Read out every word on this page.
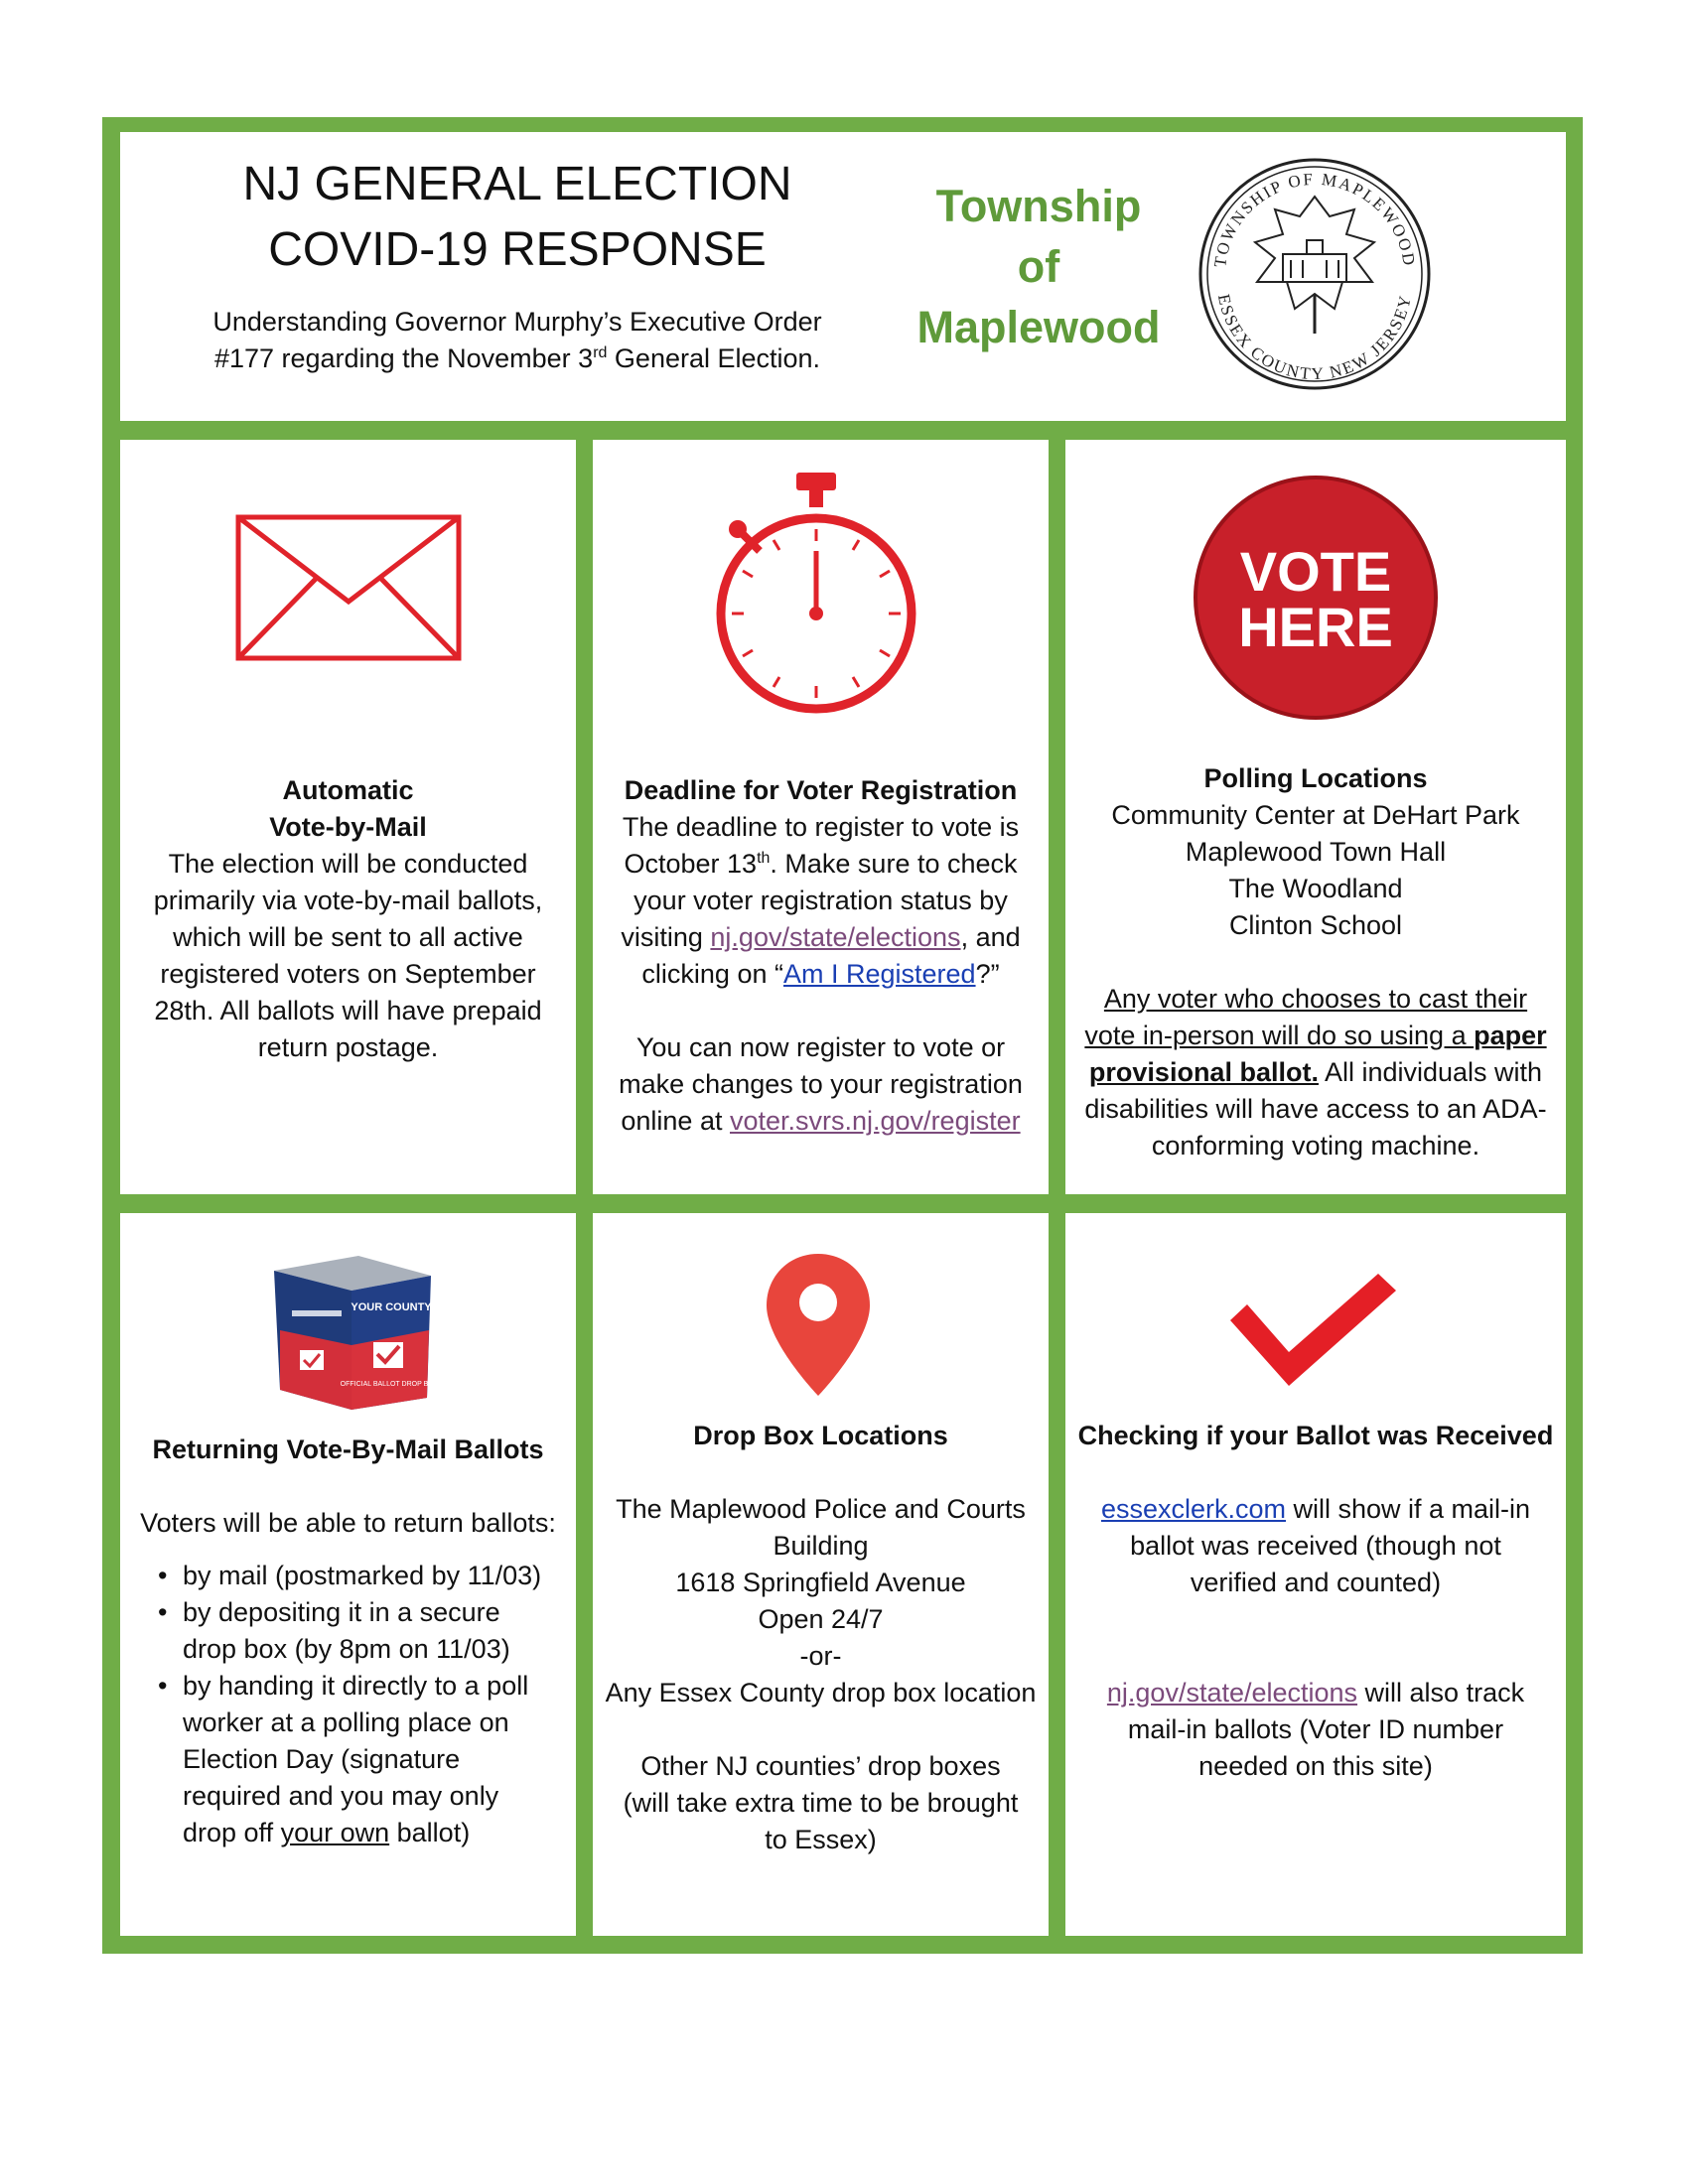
NJ GENERAL ELECTION
COVID-19 RESPONSE
Understanding Governor Murphy’s Executive Order
#177 regarding the November 3rd General Election.
Township
of
Maplewood
TOWNSHIP OF MAPLEWOOD
ESSEX COUNTY NEW JERSEY
Automatic
Vote-by-Mail
The election will be conducted
primarily via vote-by-mail ballots,
which will be sent to all active
registered voters on September
28th. All ballots will have prepaid
return postage.
Deadline for Voter Registration
The deadline to register to vote is
October 13th. Make sure to check
your voter registration status by
visiting nj.gov/state/elections, and
clicking on “Am I Registered?”
You can now register to vote or
make changes to your registration
online at voter.svrs.nj.gov/register
VOTE
HERE
Polling Locations
Community Center at DeHart Park
Maplewood Town Hall
The Woodland
Clinton School
Any voter who chooses to cast their
vote in-person will do so using a paper
provisional ballot. All individuals with
disabilities will have access to an ADA-
conforming voting machine.
YOUR COUNTY
OFFICIAL BALLOT DROP BOX
Returning Vote-By-Mail Ballots
Voters will be able to return ballots:
• by mail (postmarked by 11/03)
• by depositing it in a secure
drop box (by 8pm on 11/03)
• by handing it directly to a poll
worker at a polling place on
Election Day (signature
required and you may only
drop off your own ballot)
Drop Box Locations
The Maplewood Police and Courts
Building
1618 Springfield Avenue
Open 24/7
-or-
Any Essex County drop box location
Other NJ counties’ drop boxes
(will take extra time to be brought
to Essex)
Checking if your Ballot was Received
essexclerk.com will show if a mail-in
ballot was received (though not
verified and counted)
nj.gov/state/elections will also track
mail-in ballots (Voter ID number
needed on this site)
